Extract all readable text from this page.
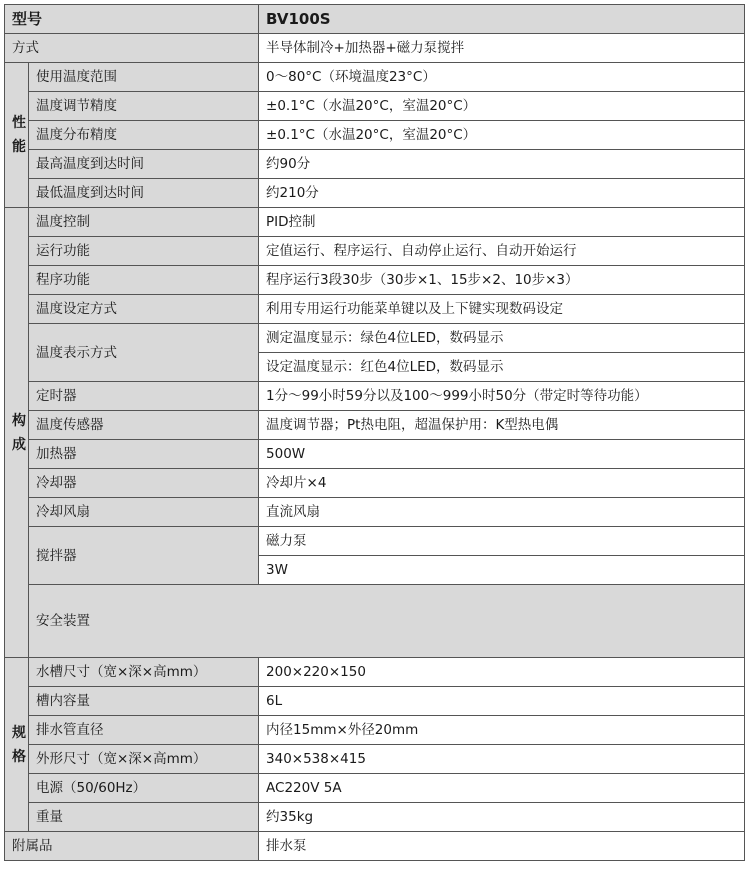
型号		BV100S	
方式		半导体制冷+加热器+磁力泵搅拌	
性
能	使用温度范围	0～80°C（环境温度23°C）	
	温度调节精度	±0.1°C（水温20°C，室温20°C）	
	温度分布精度	±0.1°C（水温20°C，室温20°C）	
	最高温度到达时间	约90分	
	最低温度到达时间	约210分	
构
成	温度控制	PID控制	
	运行功能	定值运行、程序运行、自动停止运行、自动开始运行	
	程序功能	程序运行3段30步（30步×1、15步×2、10步×3）	
	温度设定方式	利用专用运行功能菜单键以及上下键实现数码设定	
	温度表示方式	测定温度显示：绿色4位LED，数码显示	
		设定温度显示：红色4位LED，数码显示	
	定时器	1分～99小时59分以及100～999小时50分（带定时等待功能）	
	温度传感器	温度调节器；Pt热电阻，超温保护用：K型热电偶	
	加热器	500W	
	冷却器	冷却片×4	
	冷却风扇	直流风扇	
	搅拌器	磁力泵	
		3W	
	安全装置	

规
格	水槽尺寸（宽×深×高mm）	200×220×150	
	槽内容量	6L	
	排水管直径	内径15mm×外径20mm	
	外形尺寸（宽×深×高mm）	340×538×415	
	电源（50/60Hz）	AC220V 5A	
	重量	约35kg	
附属品		排水泵	
